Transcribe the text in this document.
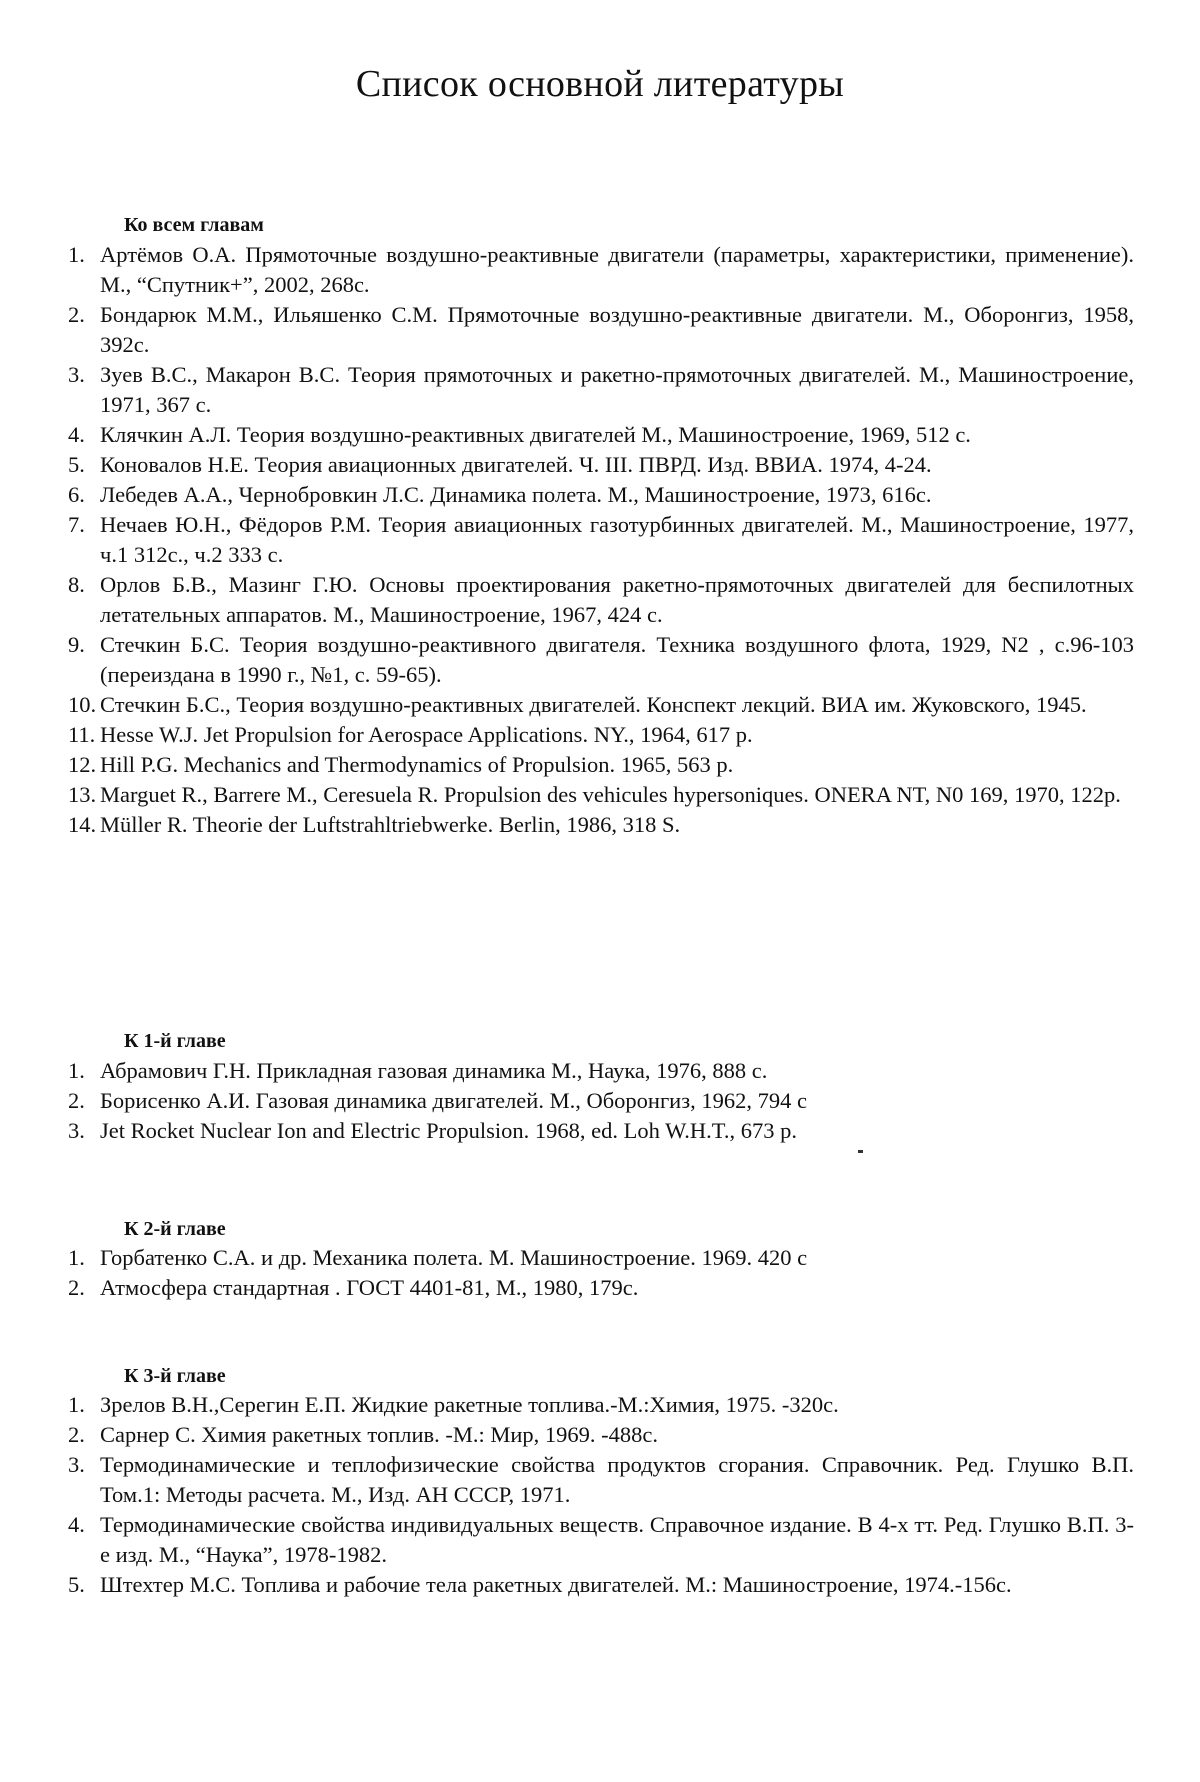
Список основной литературы
Ко всем главам
1. Артёмов О.А. Прямоточные воздушно-реактивные двигатели (параметры, характеристики, применение). М., “Спутник+”, 2002, 268с.
2. Бондарюк М.М., Ильяшенко С.М. Прямоточные воздушно-реактивные двигатели. М., Оборонгиз, 1958, 392с.
3. Зуев В.С., Макарон В.С. Теория прямоточных и ракетно-прямоточных двигателей. М., Машиностроение, 1971, 367 с.
4. Клячкин А.Л. Теория воздушно-реактивных двигателей М., Машиностроение, 1969, 512 с.
5. Коновалов Н.Е. Теория авиационных двигателей. Ч. III. ПВРД. Изд. ВВИА. 1974, 4-24.
6. Лебедев А.А., Чернобровкин Л.С. Динамика полета. М., Машиностроение, 1973, 616с.
7. Нечаев Ю.Н., Фёдоров Р.М. Теория авиационных газотурбинных двигателей. М., Машиностроение, 1977, ч.1 312с., ч.2 333 с.
8. Орлов Б.В., Мазинг Г.Ю. Основы проектирования ракетно-прямоточных двигателей для беспилотных летательных аппаратов. М., Машиностроение, 1967, 424 с.
9. Стечкин Б.С. Теория воздушно-реактивного двигателя. Техника воздушного флота, 1929, N2 , с.96-103 (переиздана в 1990 г., №1, с. 59-65).
10. Стечкин Б.С., Теория воздушно-реактивных двигателей. Конспект лекций. ВИА им. Жуковского, 1945.
11. Hesse W.J. Jet Propulsion for Aerospace Applications. NY., 1964, 617 p.
12. Hill P.G. Mechanics and Thermodynamics of Propulsion. 1965, 563 p.
13. Marguet R., Barrere M., Ceresuela R. Propulsion des vehicules hypersoniques. ONERA NT, N0 169, 1970, 122p.
14. Müller R. Theorie der Luftstrahltriebwerke. Berlin, 1986, 318 S.
К 1-й главе
1. Абрамович Г.Н. Прикладная газовая динамика М., Наука, 1976, 888 с.
2. Борисенко А.И. Газовая динамика двигателей. М., Оборонгиз, 1962, 794 с
3. Jet Rocket Nuclear Ion and Electric Propulsion. 1968, ed. Loh W.H.T., 673 p.
К 2-й главе
1. Горбатенко С.А. и др. Механика полета. М. Машиностроение. 1969. 420 с
2. Атмосфера стандартная . ГОСТ 4401-81, М., 1980, 179с.
К 3-й главе
1. Зрелов В.Н.,Серегин Е.П. Жидкие ракетные топлива.-М.:Химия, 1975. -320с.
2. Сарнер С. Химия ракетных топлив. -М.: Мир, 1969. -488с.
3. Термодинамические и теплофизические свойства продуктов сгорания. Справочник. Ред. Глушко В.П. Том.1: Методы расчета. М., Изд. АН СССР, 1971.
4. Термодинамические свойства индивидуальных веществ. Справочное издание. В 4-х тт. Ред. Глушко В.П. 3-е изд. М., “Наука”, 1978-1982.
5. Штехтер М.С. Топлива и рабочие тела ракетных двигателей. М.: Машиностроение, 1974.-156с.
